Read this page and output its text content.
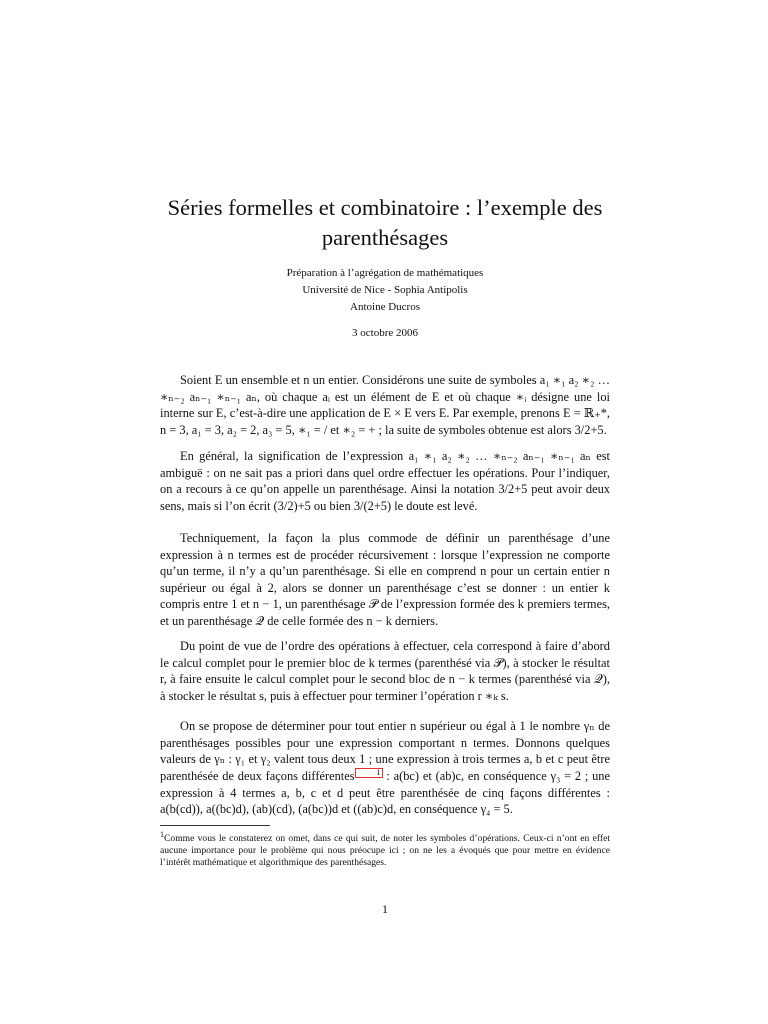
Séries formelles et combinatoire : l’exemple des parenthésages
Préparation à l’agrégation de mathématiques
Université de Nice - Sophia Antipolis
Antoine Ducros
3 octobre 2006
Soient E un ensemble et n un entier. Considérons une suite de symboles a₁ ∗₁ a₂ ∗₂ … ∗ₙ₋₂ aₙ₋₁ ∗ₙ₋₁ aₙ, où chaque aᵢ est un élément de E et où chaque ∗ᵢ désigne une loi interne sur E, c’est-à-dire une application de E × E vers E. Par exemple, prenons E = ℝ₊*, n = 3, a₁ = 3, a₂ = 2, a₃ = 5, ∗₁ = / et ∗₂ = + ; la suite de symboles obtenue est alors 3/2+5.
En général, la signification de l’expression a₁ ∗₁ a₂ ∗₂ … ∗ₙ₋₂ aₙ₋₁ ∗ₙ₋₁ aₙ est ambiguë : on ne sait pas a priori dans quel ordre effectuer les opérations. Pour l’indiquer, on a recours à ce qu’on appelle un parenthésage. Ainsi la notation 3/2+5 peut avoir deux sens, mais si l’on écrit (3/2)+5 ou bien 3/(2+5) le doute est levé.
Techniquement, la façon la plus commode de définir un parenthésage d’une expression à n termes est de procéder récursivement : lorsque l’expression ne comporte qu’un terme, il n’y a qu’un parenthésage. Si elle en comprend n pour un certain entier n supérieur ou égal à 2, alors se donner un parenthésage c’est se donner : un entier k compris entre 1 et n − 1, un parenthésage 𝒫 de l’expression formée des k premiers termes, et un parenthésage 𝒬 de celle formée des n − k derniers.
Du point de vue de l’ordre des opérations à effectuer, cela correspond à faire d’abord le calcul complet pour le premier bloc de k termes (parenthésé via 𝒫), à stocker le résultat r, à faire ensuite le calcul complet pour le second bloc de n − k termes (parenthésé via 𝒬), à stocker le résultat s, puis à effectuer pour terminer l’opération r ∗ₖ s.
On se propose de déterminer pour tout entier n supérieur ou égal à 1 le nombre γₙ de parenthésages possibles pour une expression comportant n termes. Donnons quelques valeurs de γₙ : γ₁ et γ₂ valent tous deux 1 ; une expression à trois termes a, b et c peut être parenthésée de deux façons différentes	1 : a(bc) et (ab)c, en conséquence γ₃ = 2 ; une expression à 4 termes a, b, c et d peut être parenthésée de cinq façons différentes : a(b(cd)), a((bc)d), (ab)(cd), (a(bc))d et ((ab)c)d, en conséquence γ₄ = 5.
$^1$Comme vous le constaterez on omet, dans ce qui suit, de noter les symboles d’opérations. Ceux-ci n’ont en effet aucune importance pour le problème qui nous préocupe ici ; on ne les a évoqués que pour mettre en évidence l’intérêt mathématique et algorithmique des parenthésages.
1
